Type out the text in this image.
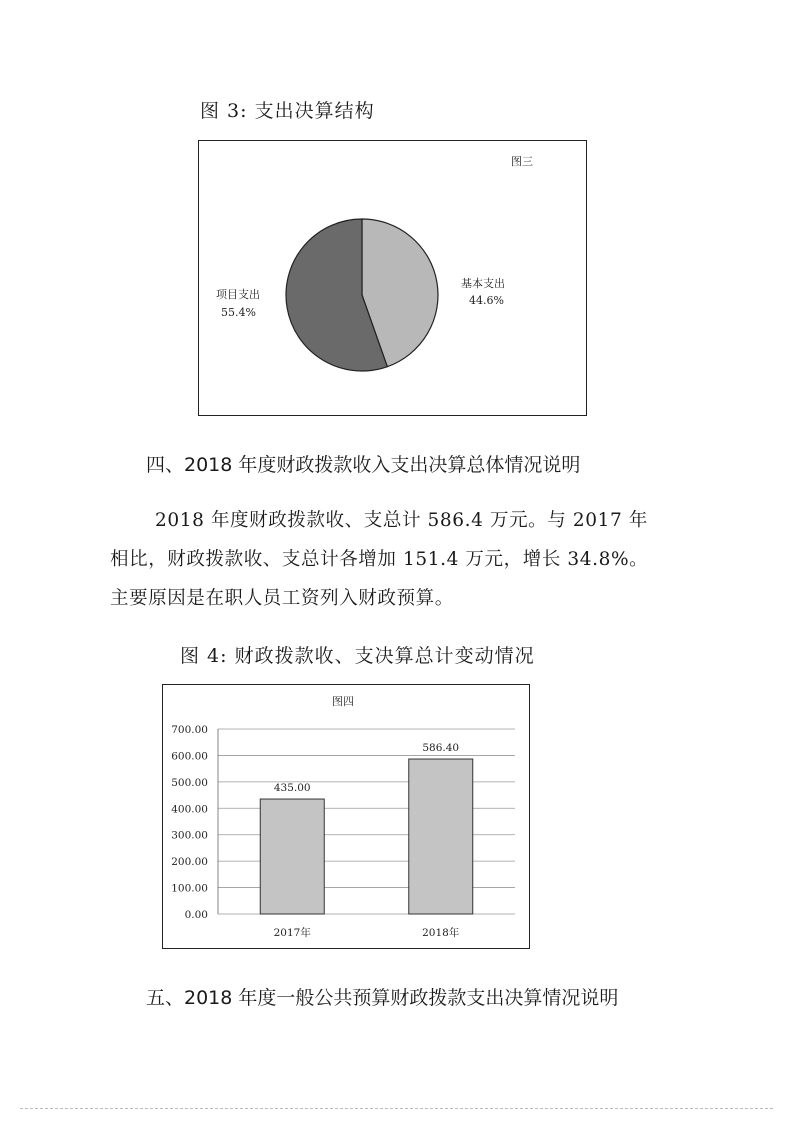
图 3: 支出决算结构
图三
基本支出
44.6%
项目支出
55.4%
四、2018 年度财政拨款收入支出决算总体情况说明
2018 年度财政拨款收、支总计 586.4 万元。与 2017 年
相比，财政拨款收、支总计各增加 151.4 万元，增长 34.8%。
主要原因是在职人员工资列入财政预算。
图 4: 财政拨款收、支决算总计变动情况
图四
0.00
100.00
200.00
300.00
400.00
500.00
600.00
700.00
435.00
586.40
2017年	2018年
五、2018 年度一般公共预算财政拨款支出决算情况说明
